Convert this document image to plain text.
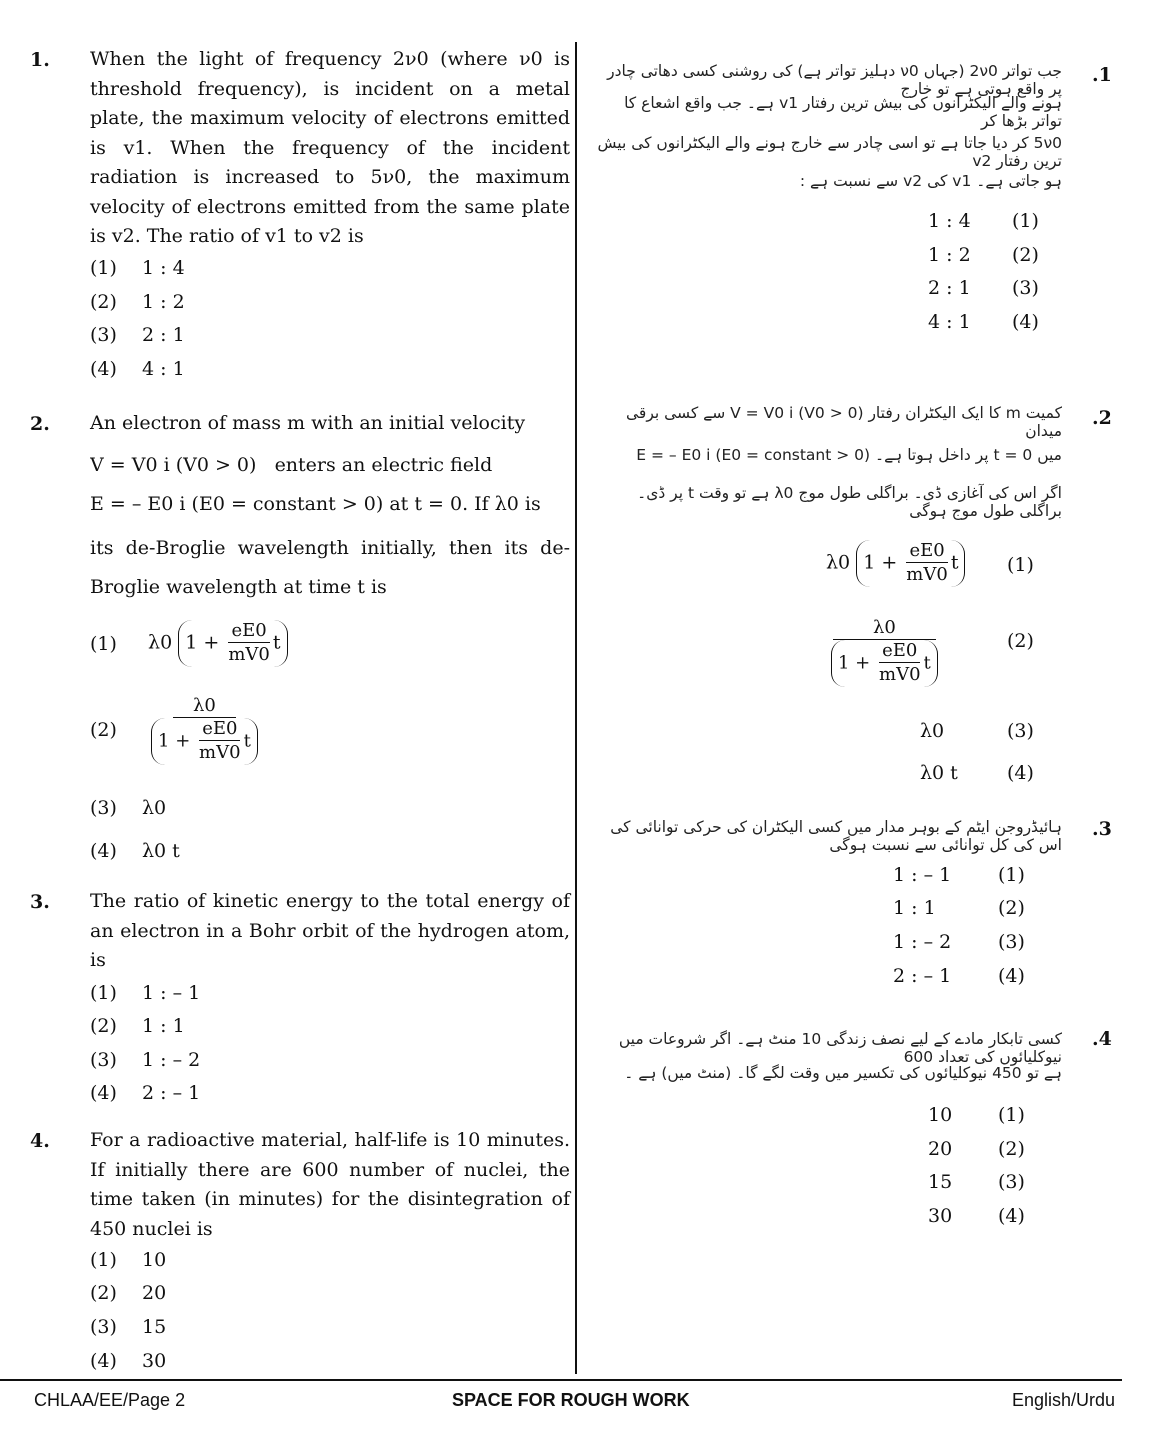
1. When the light of frequency 2ν0 (where ν0 is threshold frequency), is incident on a metal plate, the maximum velocity of electrons emitted is v1. When the frequency of the incident radiation is increased to 5ν0, the maximum velocity of electrons emitted from the same plate is v2. The ratio of v1 to v2 is
(1) 1 : 4
(2) 1 : 2
(3) 2 : 1
(4) 4 : 1
2. An electron of mass m with an initial velocity
→ V = V0 i (V0 > 0) enters an electric field
→ E = – E0 i (E0 = constant > 0) at t = 0. If λ0 is
its de-Broglie wavelength initially, then its de-Broglie wavelength at time t is
(1) λ0 $1 + \frac{eE0}{mV0}$ t
$(2) \frac{\lambda 0}{1 + \frac{eE0}{mV0} t}$
(3) λ0
(4) λ0 t
3. The ratio of kinetic energy to the total energy of an electron in a Bohr orbit of the hydrogen atom, is
(1) 1 : – 1
(2) 1 : 1
(3) 1 : – 2
(4) 2 : – 1
4. For a radioactive material, half-life is 10 minutes. If initially there are 600 number of nuclei, the time taken (in minutes) for the disintegration of 450 nuclei is
(1) 10
(2) 20
(3) 15
(4) 30
.1
جب تواتر 2ν0 (جہاں ν0 دہلیز تواتر ہے) کی روشنی کسی دھاتی چادر پر واقع ہوتی ہے تو خارج
ہونے والے الیکٹرانوں کی بیش ترین رفتار v1 ہے۔ جب واقع اشعاع کا تواتر بڑھا کر
5ν0 کر دیا جاتا ہے تو اسی چادر سے خارج ہونے والے الیکٹرانوں کی بیش ترین رفتار v2
ہو جاتی ہے۔ v1 کی v2 سے نسبت ہے :
1 : 4 (1)
1 : 2 (2)
2 : 1 (3)
4 : 1 (4)
.2
کمیت m کا ایک الیکٹران رفتار (V0 > 0) V = V0 i سے کسی برقی میدان
میں t = 0 پر داخل ہوتا ہے۔ E = – E0 i (E0 = constant > 0)
اگر اس کی آغازی ڈی۔ براگلی طول موج λ0 ہے تو وقت t پر ڈی۔ براگلی طول موج ہوگی
λ0 $1 + \frac{eE0}{mV0}$ t	(1)
$\frac{\lambda 0}{1 + \frac{eE0}{mV0} t}$	(2)
λ0	(3)
λ0 t	(4)
.3
ہائیڈروجن ایٹم کے بوہر مدار میں کسی الیکٹران کی حرکی توانائی کی اس کی کل توانائی سے نسبت ہوگی
1 : – 1 (1)
1 : 1	(2)
1 : – 2 (3)
2 : – 1 (4)
.4
کسی تابکار مادے کے لیے نصف زندگی 10 منٹ ہے۔ اگر شروعات میں نیوکلیائوں کی تعداد 600
ہے تو 450 نیوکلیائوں کی تکسیر میں وقت لگے گا۔ (منٹ میں) ہے ۔
10 (1)
20 (2)
15 (3)
30 (4)
CHLAA/EE/Page 2	SPACE FOR ROUGH WORK	English/Urdu
